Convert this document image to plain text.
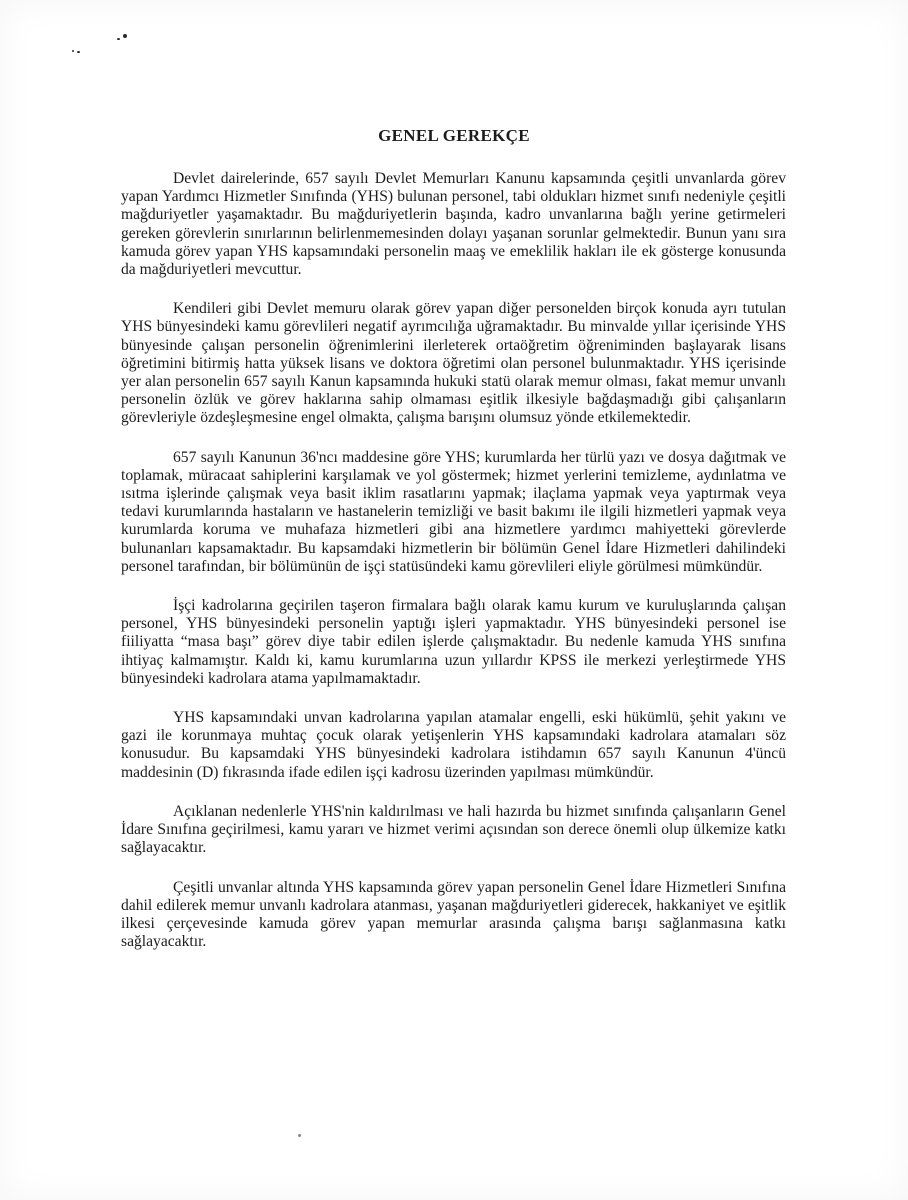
GENEL GEREKÇE

Devlet dairelerinde, 657 sayılı Devlet Memurları Kanunu kapsamında çeşitli unvanlarda görev yapan Yardımcı Hizmetler Sınıfında (YHS) bulunan personel, tabi oldukları hizmet sınıfı nedeniyle çeşitli mağduriyetler yaşamaktadır. Bu mağduriyetlerin başında, kadro unvanlarına bağlı yerine getirmeleri gereken görevlerin sınırlarının belirlenmemesinden dolayı yaşanan sorunlar gelmektedir. Bunun yanı sıra kamuda görev yapan YHS kapsamındaki personelin maaş ve emeklilik hakları ile ek gösterge konusunda da mağduriyetleri mevcuttur.

Kendileri gibi Devlet memuru olarak görev yapan diğer personelden birçok konuda ayrı tutulan YHS bünyesindeki kamu görevlileri negatif ayrımcılığa uğramaktadır. Bu minvalde yıllar içerisinde YHS bünyesinde çalışan personelin öğrenimlerini ilerleterek ortaöğretim öğreniminden başlayarak lisans öğretimini bitirmiş hatta yüksek lisans ve doktora öğretimi olan personel bulunmaktadır. YHS içerisinde yer alan personelin 657 sayılı Kanun kapsamında hukuki statü olarak memur olması, fakat memur unvanlı personelin özlük ve görev haklarına sahip olmaması eşitlik ilkesiyle bağdaşmadığı gibi çalışanların görevleriyle özdeşleşmesine engel olmakta, çalışma barışını olumsuz yönde etkilemektedir.

657 sayılı Kanunun 36'ncı maddesine göre YHS; kurumlarda her türlü yazı ve dosya dağıtmak ve toplamak, müracaat sahiplerini karşılamak ve yol göstermek; hizmet yerlerini temizleme, aydınlatma ve ısıtma işlerinde çalışmak veya basit iklim rasatlarını yapmak; ilaçlama yapmak veya yaptırmak veya tedavi kurumlarında hastaların ve hastanelerin temizliği ve basit bakımı ile ilgili hizmetleri yapmak veya kurumlarda koruma ve muhafaza hizmetleri gibi ana hizmetlere yardımcı mahiyetteki görevlerde bulunanları kapsamaktadır. Bu kapsamdaki hizmetlerin bir bölümün Genel İdare Hizmetleri dahilindeki personel tarafından, bir bölümünün de işçi statüsündeki kamu görevlileri eliyle görülmesi mümkündür.

İşçi kadrolarına geçirilen taşeron firmalara bağlı olarak kamu kurum ve kuruluşlarında çalışan personel, YHS bünyesindeki personelin yaptığı işleri yapmaktadır. YHS bünyesindeki personel ise fiiliyatta “masa başı” görev diye tabir edilen işlerde çalışmaktadır. Bu nedenle kamuda YHS sınıfına ihtiyaç kalmamıştır. Kaldı ki, kamu kurumlarına uzun yıllardır KPSS ile merkezi yerleştirmede YHS bünyesindeki kadrolara atama yapılmamaktadır.

YHS kapsamındaki unvan kadrolarına yapılan atamalar engelli, eski hükümlü, şehit yakını ve gazi ile korunmaya muhtaç çocuk olarak yetişenlerin YHS kapsamındaki kadrolara atamaları söz konusudur. Bu kapsamdaki YHS bünyesindeki kadrolara istihdamın 657 sayılı Kanunun 4'üncü maddesinin (D) fıkrasında ifade edilen işçi kadrosu üzerinden yapılması mümkündür.

Açıklanan nedenlerle YHS'nin kaldırılması ve hali hazırda bu hizmet sınıfında çalışanların Genel İdare Sınıfına geçirilmesi, kamu yararı ve hizmet verimi açısından son derece önemli olup ülkemize katkı sağlayacaktır.

Çeşitli unvanlar altında YHS kapsamında görev yapan personelin Genel İdare Hizmetleri Sınıfına dahil edilerek memur unvanlı kadrolara atanması, yaşanan mağduriyetleri giderecek, hakkaniyet ve eşitlik ilkesi çerçevesinde kamuda görev yapan memurlar arasında çalışma barışı sağlanmasına katkı sağlayacaktır.
